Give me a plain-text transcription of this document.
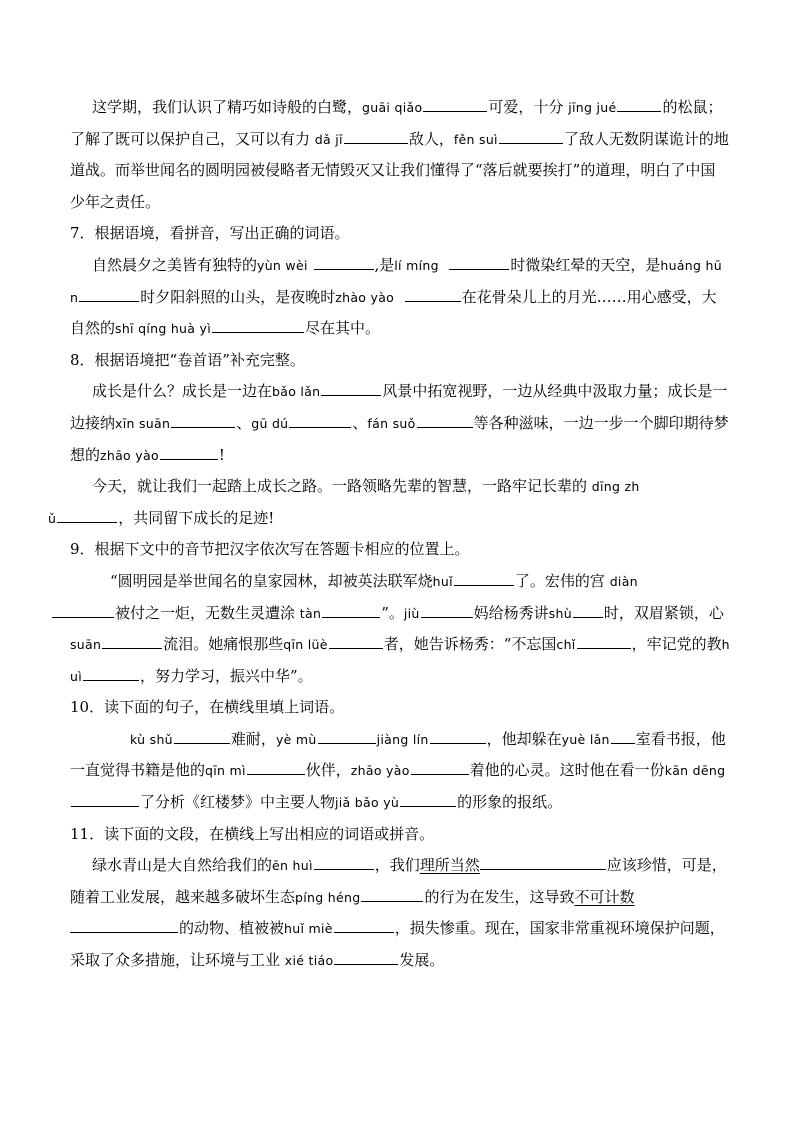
这学期，我们认识了精巧如诗般的白鹭，guāi qiǎo	可爱，十分 jīng jué	的松鼠；了解了既可以保护自己，又可以有力 dǎ jī	敌人，fěn suì	了敌人无数阴谋诡计的地道战。而举世闻名的圆明园被侵略者无情毁灭又让我们懂得了“落后就要挨打”的道理，明白了中国少年之责任。

7．根据语境，看拼音，写出正确的词语。

自然晨夕之美皆有独特的yùn wèi	,是lí míng	时微染红晕的天空，是huáng hūn	时夕阳斜照的山头，是夜晚时zhào yào	在花骨朵儿上的月光……用心感受，大自然的shī qíng huà yì	尽在其中。

8．根据语境把“卷首语”补充完整。

成长是什么？成长是一边在bǎo lǎn	风景中拓宽视野，一边从经典中汲取力量；成长是一边接纳xīn suān	、gū dú	、fán suǒ	等各种滋味，一边一步一个脚印期待梦想的zhāo yào	!

今天，就让我们一起踏上成长之路。一路领略先辈的智慧，一路牢记长辈的 dīng zh
ǔ	，共同留下成长的足迹!

9．根据下文中的音节把汉字依次写在答题卡相应的位置上。

“圆明园是举世闻名的皇家园林，却被英法联军烧huǐ	了。宏伟的宫 diàn
被付之一炬，无数生灵遭涂 tàn	”。jiù	妈给杨秀讲shù 时，双眉紧锁，心suān	流泪。她痛恨那些qīn lüè	者，她告诉杨秀：“不忘国chǐ	，牢记党的教huì	，努力学习，振兴中华”。

10．读下面的句子，在横线里填上词语。

kù shǔ	难耐，yè mù	jiàng lín	，他却躲在yuè lǎn 室看书报，他一直觉得书籍是他的qīn mì	伙伴，zhāo yào	着他的心灵。这时他在看一份kān dēng了分析《红楼梦》中主要人物jiǎ bǎo yù	的形象的报纸。

11．读下面的文段，在横线上写出相应的词语或拼音。

绿水青山是大自然给我们的ēn huì	，我们理所当然	应该珍惜，可是，随着工业发展，越来越多破坏生态píng héng	的行为在发生，这导致不可计数的动物、植被被huǐ miè	，损失惨重。现在，国家非常重视环境保护问题，采取了众多措施，让环境与工业 xié tiáo	发展。
